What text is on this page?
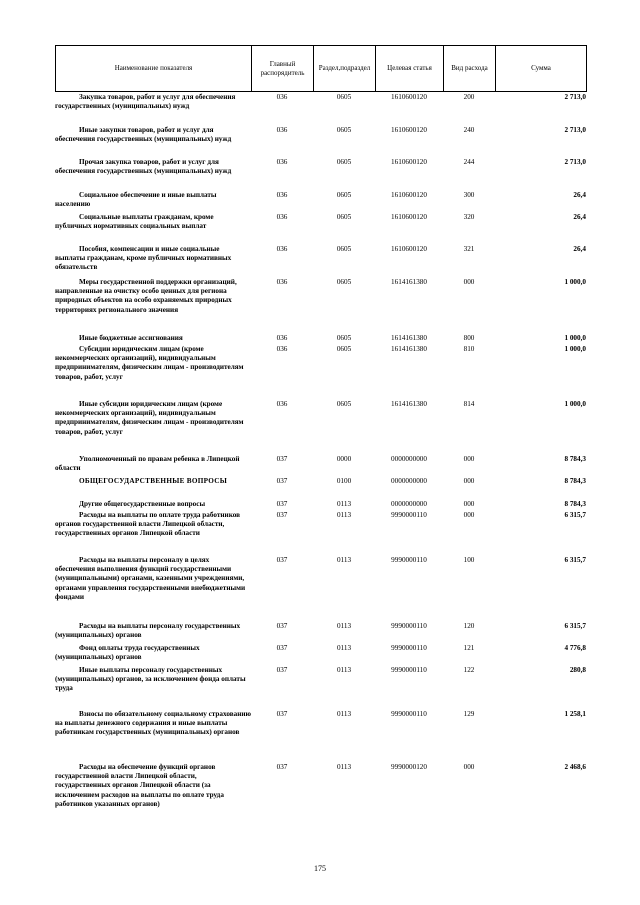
Наименование показателя	Главный распорядитель	Раздел,подраздел	Целевая статья	Вид расхода	Сумма
Закупка товаров, работ и услуг для обеспечения государственных (муниципальных) нужд
036	0605	1610600120	200	2 713,0
Иные закупки товаров, работ и услуг для обеспечения государственных (муниципальных) нужд
036	0605	1610600120	240	2 713,0
Прочая закупка товаров, работ и услуг для обеспечения государственных (муниципальных) нужд
036	0605	1610600120	244	2 713,0
Социальное обеспечение и иные выплаты населению
036	0605	1610600120	300	26,4
Социальные выплаты гражданам, кроме публичных нормативных социальных выплат
036	0605	1610600120	320	26,4
Пособия, компенсации и иные социальные выплаты гражданам, кроме публичных нормативных обязательств
036	0605	1610600120	321	26,4
Меры государственной поддержки организаций, направленные на очистку особо ценных для региона природных объектов на особо охраняемых природных территориях регионального значения
036	0605	1614161380	000	1 000,0
Иные бюджетные ассигнования	036	0605	1614161380	800	1 000,0
Субсидии юридическим лицам (кроме некоммерческих организаций), индивидуальным предпринимателям, физическим лицам - производителям товаров, работ, услуг
036	0605	1614161380	810	1 000,0
Иные субсидии юридическим лицам (кроме некоммерческих организаций), индивидуальным предпринимателям, физическим лицам - производителям товаров, работ, услуг
036	0605	1614161380	814	1 000,0
Уполномоченный по правам ребенка в Липецкой области
037	0000	0000000000	000	8 784,3
ОБЩЕГОСУДАРСТВЕННЫЕ ВОПРОСЫ	037	0100	0000000000	000	8 784,3
Другие общегосударственные вопросы	037	0113	0000000000	000	8 784,3
Расходы на выплаты по оплате труда работников органов государственной власти Липецкой области, государственных органов Липецкой области
037	0113	9990000110	000	6 315,7
Расходы на выплаты персоналу в целях обеспечения выполнения функций государственными (муниципальными) органами, казенными учреждениями, органами управления государственными внебюджетными фондами
037	0113	9990000110	100	6 315,7
Расходы на выплаты персоналу государственных (муниципальных) органов
037	0113	9990000110	120	6 315,7
Фонд оплаты труда государственных (муниципальных) органов
037	0113	9990000110	121	4 776,8
Иные выплаты персоналу государственных (муниципальных) органов, за исключением фонда оплаты труда
037	0113	9990000110	122	280,8
Взносы по обязательному социальному страхованию на выплаты денежного содержания и иные выплаты работникам государственных (муниципальных) органов
037	0113	9990000110	129	1 258,1
Расходы на обеспечение функций органов государственной власти Липецкой области, государственных органов Липецкой области (за исключением расходов на выплаты по оплате труда работников указанных органов)
037	0113	9990000120	000	2 468,6
175
